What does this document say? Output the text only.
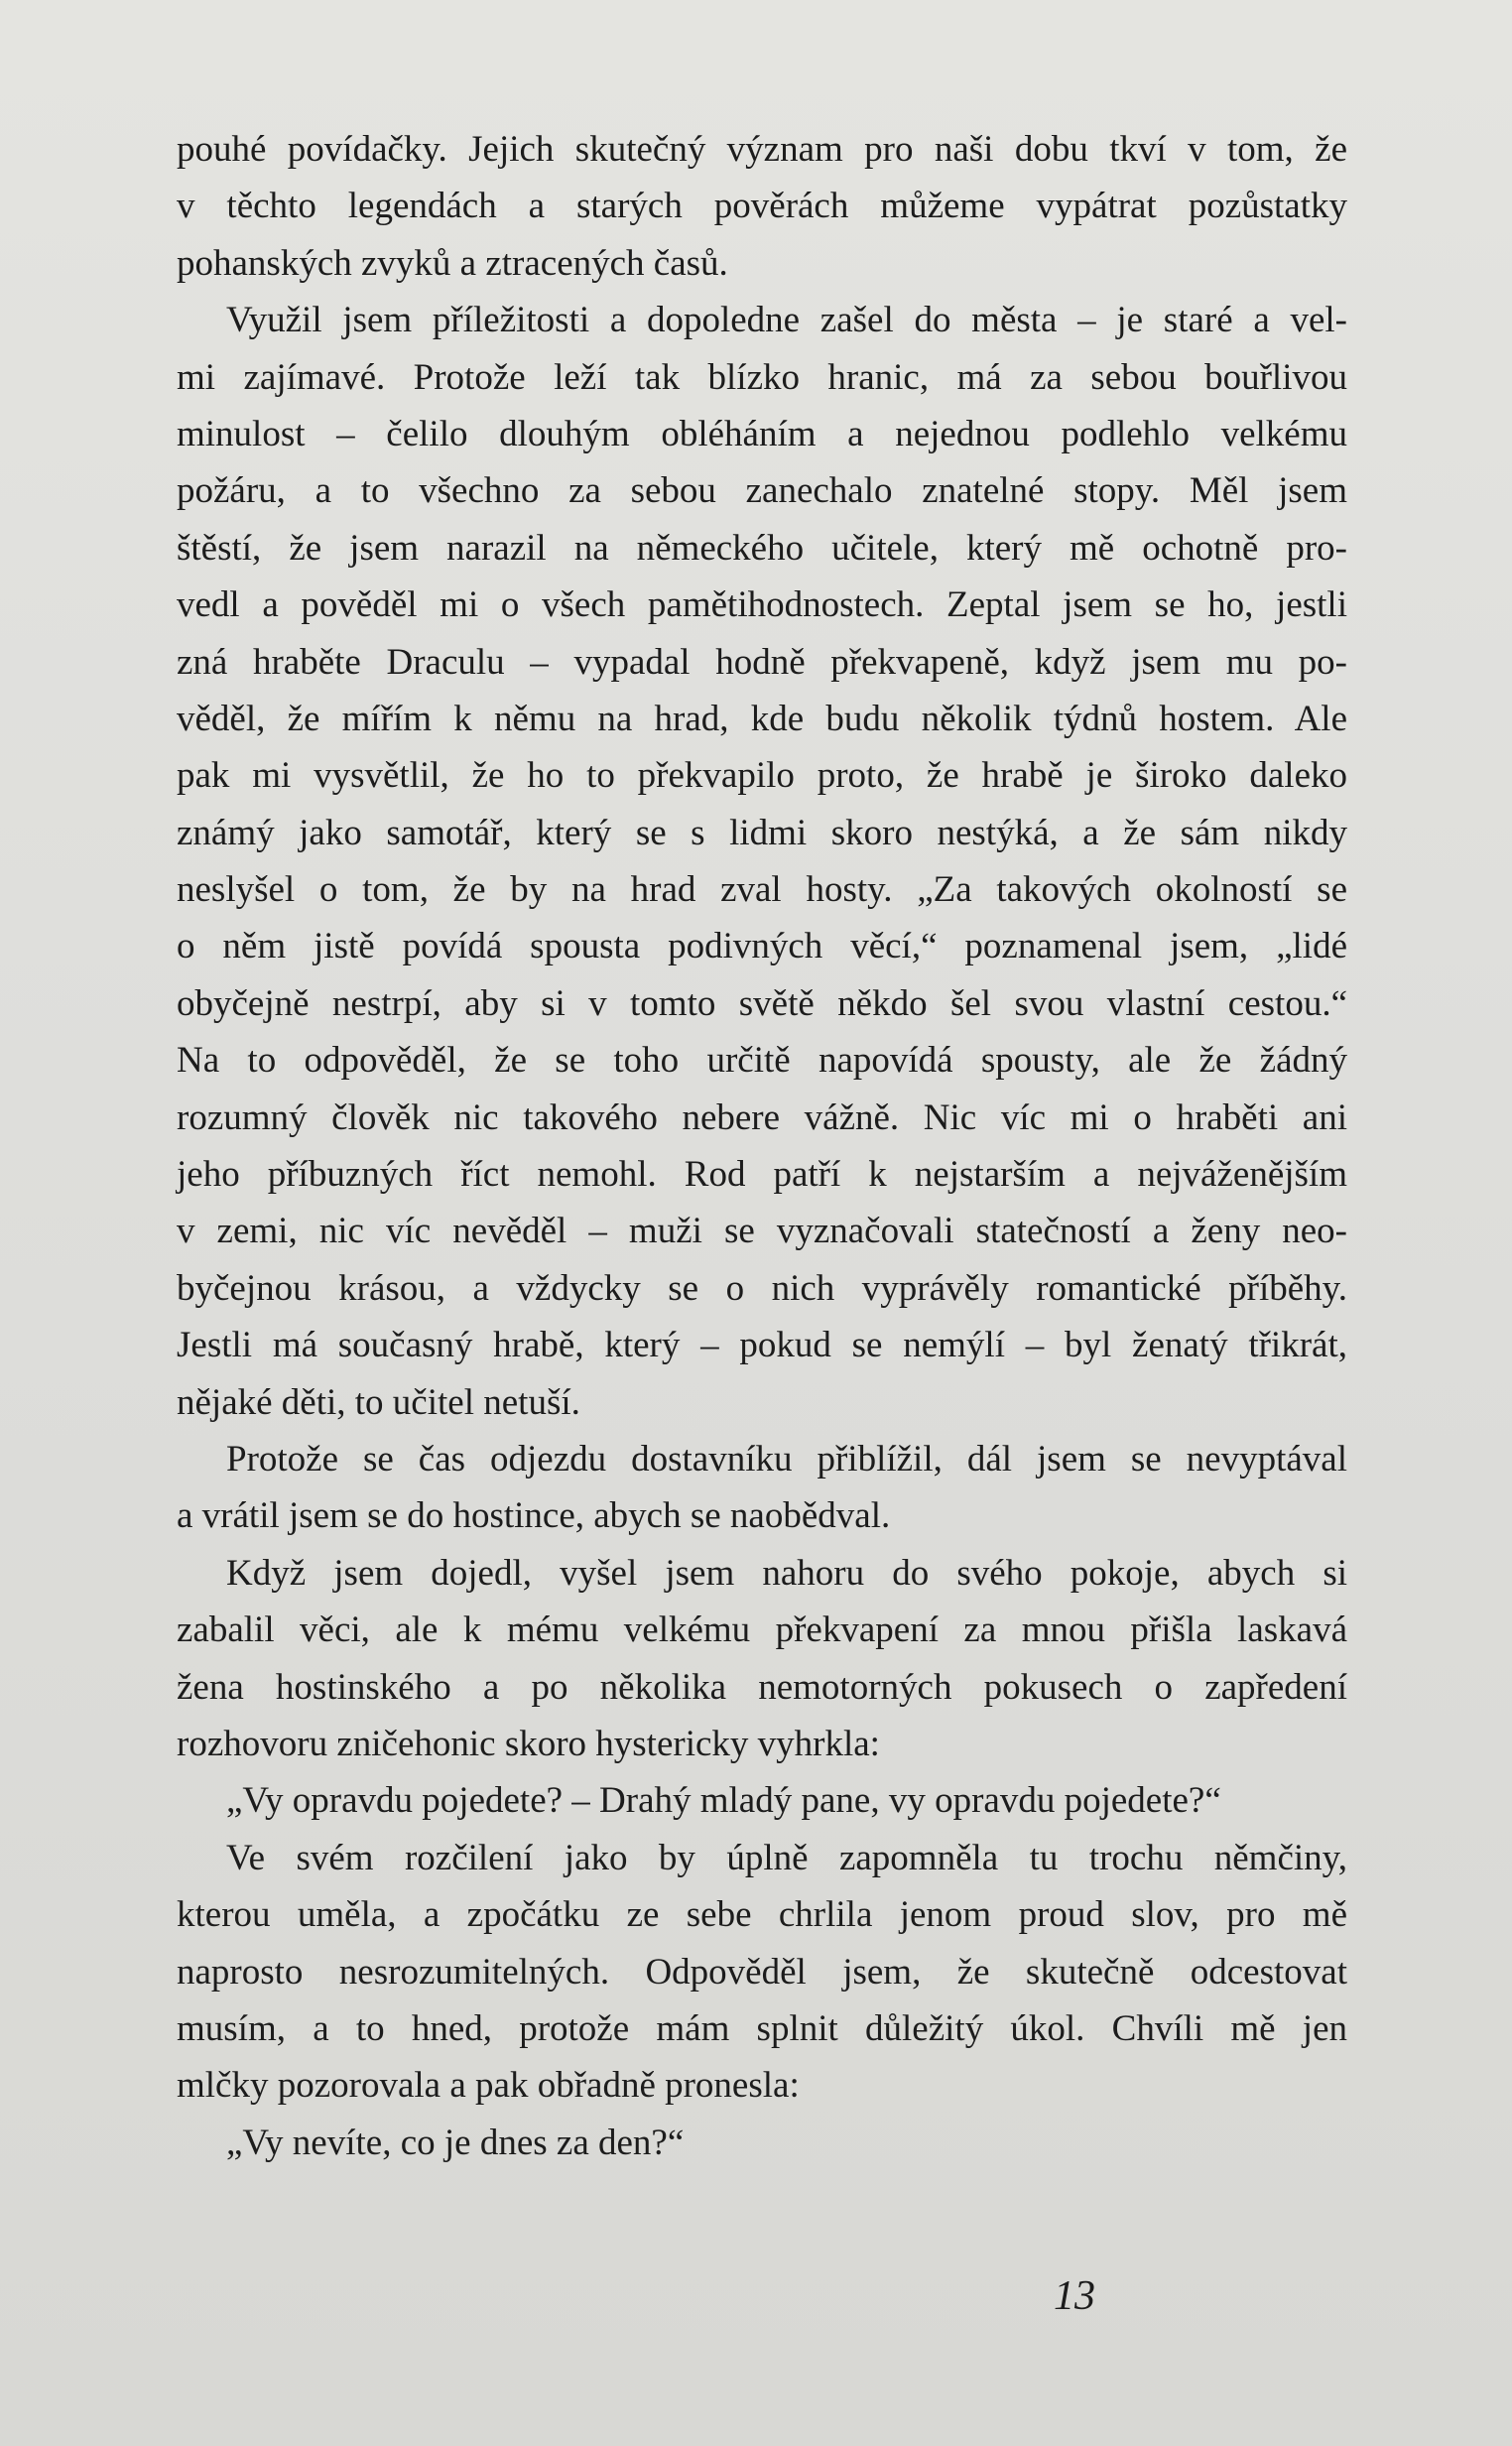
pouhé povídačky. Jejich skutečný význam pro naši dobu tkví v tom, že
v těchto legendách a starých pověrách můžeme vypátrat pozůstatky
pohanských zvyků a ztracených časů.
Využil jsem příležitosti a dopoledne zašel do města – je staré a vel-
mi zajímavé. Protože leží tak blízko hranic, má za sebou bouřlivou
minulost – čelilo dlouhým obléháním a nejednou podlehlo velkému
požáru, a to všechno za sebou zanechalo znatelné stopy. Měl jsem
štěstí, že jsem narazil na německého učitele, který mě ochotně pro-
vedl a pověděl mi o všech pamětihodnostech. Zeptal jsem se ho, jestli
zná hraběte Draculu – vypadal hodně překvapeně, když jsem mu po-
věděl, že mířím k němu na hrad, kde budu několik týdnů hostem. Ale
pak mi vysvětlil, že ho to překvapilo proto, že hrabě je široko daleko
známý jako samotář, který se s lidmi skoro nestýká, a že sám nikdy
neslyšel o tom, že by na hrad zval hosty. „Za takových okolností se
o něm jistě povídá spousta podivných věcí,“ poznamenal jsem, „lidé
obyčejně nestrpí, aby si v tomto světě někdo šel svou vlastní cestou.“
Na to odpověděl, že se toho určitě napovídá spousty, ale že žádný
rozumný člověk nic takového nebere vážně. Nic víc mi o hraběti ani
jeho příbuzných říct nemohl. Rod patří k nejstarším a nejváženějším
v zemi, nic víc nevěděl – muži se vyznačovali statečností a ženy neo-
byčejnou krásou, a vždycky se o nich vyprávěly romantické příběhy.
Jestli má současný hrabě, který – pokud se nemýlí – byl ženatý třikrát,
nějaké děti, to učitel netuší.
Protože se čas odjezdu dostavníku přiblížil, dál jsem se nevyptával
a vrátil jsem se do hostince, abych se naobědval.
Když jsem dojedl, vyšel jsem nahoru do svého pokoje, abych si
zabalil věci, ale k mému velkému překvapení za mnou přišla laskavá
žena hostinského a po několika nemotorných pokusech o zapředení
rozhovoru zničehonic skoro hystericky vyhrkla:
„Vy opravdu pojedete? – Drahý mladý pane, vy opravdu pojedete?“
Ve svém rozčilení jako by úplně zapomněla tu trochu němčiny,
kterou uměla, a zpočátku ze sebe chrlila jenom proud slov, pro mě
naprosto nesrozumitelných. Odpověděl jsem, že skutečně odcestovat
musím, a to hned, protože mám splnit důležitý úkol. Chvíli mě jen
mlčky pozorovala a pak obřadně pronesla:
„Vy nevíte, co je dnes za den?“
13
